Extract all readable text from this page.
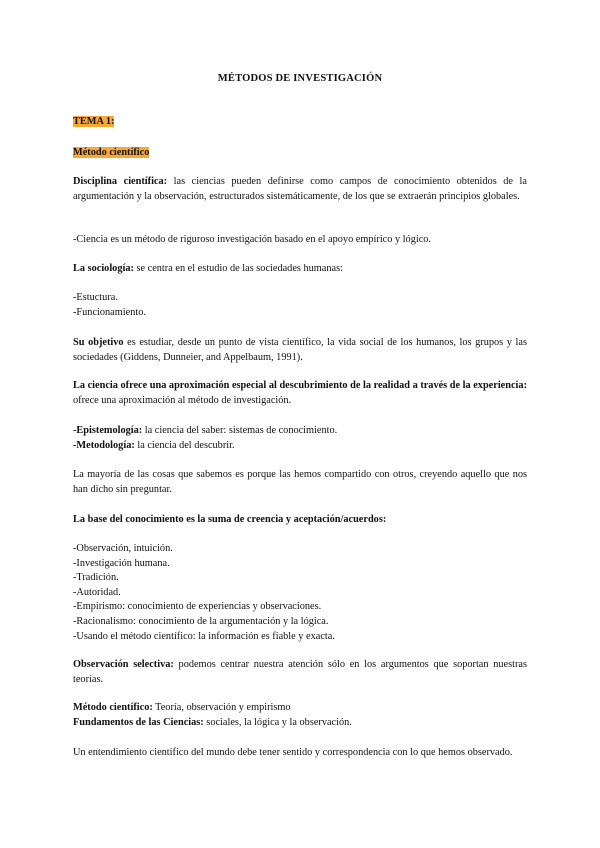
MÉTODOS DE INVESTIGACIÓN
TEMA 1:
Método científico

Disciplina científica: las ciencias pueden definirse como campos de conocimiento obtenidos de la argumentación y la observación, estructurados sistemáticamente, de los que se extraerán principios globales.

-Ciencia es un método de riguroso investigación basado en el apoyo empírico y lógico.

La sociología: se centra en el estudio de las sociedades humanas:

-Estuctura.

-Funcionamiento.

Su objetivo es estudiar, desde un punto de vista científico, la vida social de los humanos, los grupos y las sociedades (Giddens, Dunneier, and Appelbaum, 1991).

La ciencia ofrece una aproximación especial al descubrimiento de la realidad a través de la experiencia: ofrece una aproximación al método de investigación.

-Epistemología: la ciencia del saber: sistemas de conocimiento.

-Metodología: la ciencia del descubrir.

La mayoría de las cosas que sabemos es porque las hemos compartido con otros, creyendo aquello que nos han dicho sin preguntar.

La base del conocimiento es la suma de creencia y aceptación/acuerdos:

-Observación, intuición.

-Investigación humana.

-Tradición.

-Autoridad.

-Empirismo: conocimiento de experiencias y observaciones.

-Racionalismo: conocimiento de la argumentación y la lógica.

-Usando el método científico: la información es fiable y exacta.

Observación selectiva: podemos centrar nuestra atención sólo en los argumentos que soportan nuestras teorías.

Método científico: Teoría, observación y empirismo

Fundamentos de las Ciencias: sociales, la lógica y la observación.

Un entendimiento científico del mundo debe tener sentido y correspondencia con lo que hemos observado.
